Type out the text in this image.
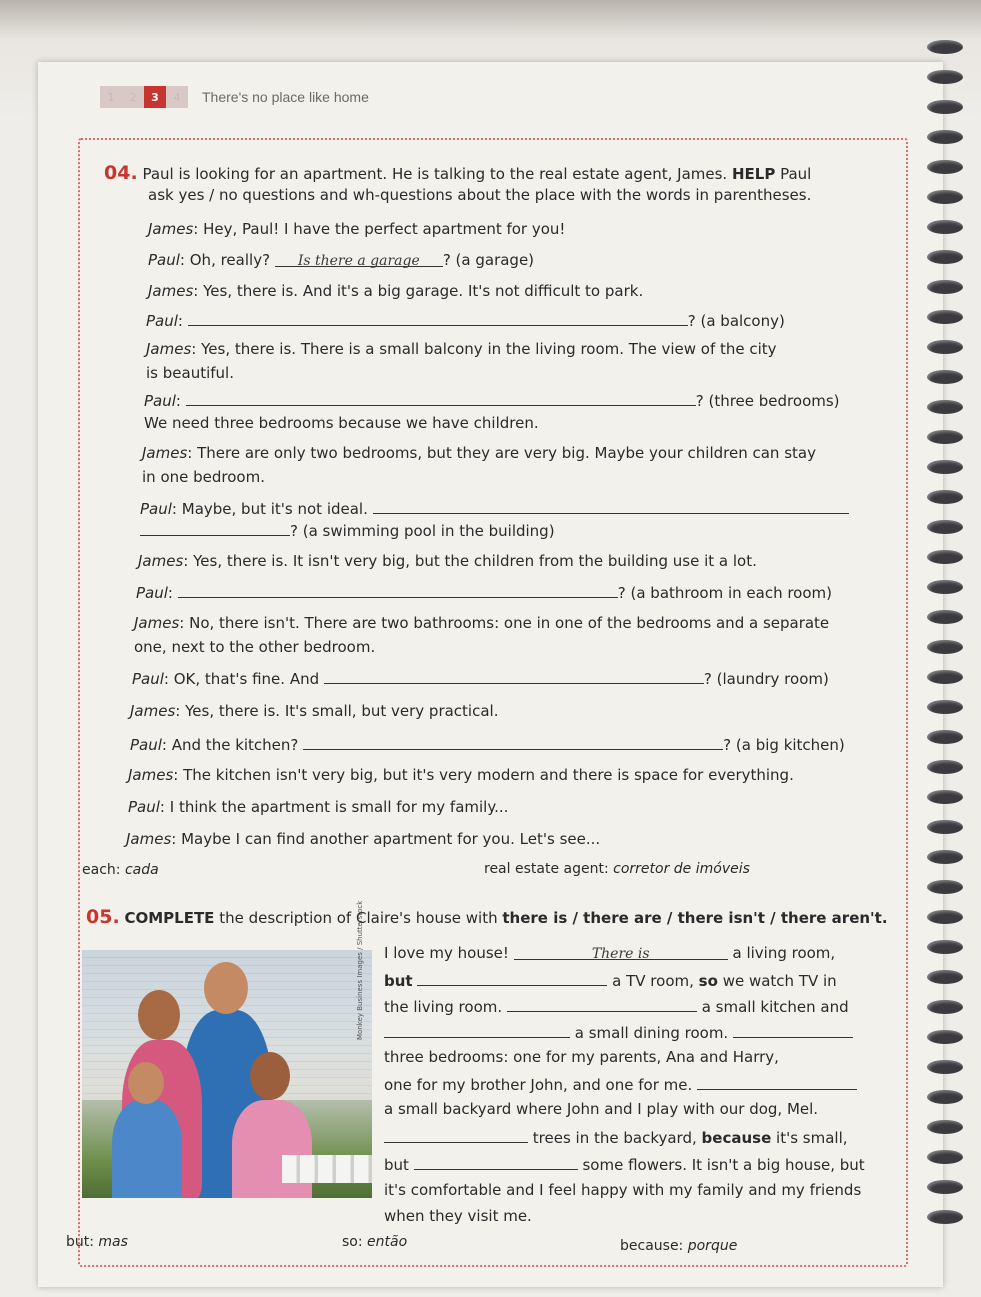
1	2	3	4	There's no place like home
04. Paul is looking for an apartment. He is talking to the real estate agent, James. HELP Paul
ask yes / no questions and wh-questions about the place with the words in parentheses.
James: Hey, Paul! I have the perfect apartment for you!
Paul: Oh, really? Is there a garage ? (a garage)
James: Yes, there is. And it's a big garage. It's not difficult to park.
Paul:	? (a balcony)
James: Yes, there is. There is a small balcony in the living room. The view of the city
is beautiful.
Paul:	? (three bedrooms)
We need three bedrooms because we have children.
James: There are only two bedrooms, but they are very big. Maybe your children can stay
in one bedroom.
Paul: Maybe, but it's not ideal.
? (a swimming pool in the building)
James: Yes, there is. It isn't very big, but the children from the building use it a lot.
Paul:	? (a bathroom in each room)
James: No, there isn't. There are two bathrooms: one in one of the bedrooms and a separate
one, next to the other bedroom.
Paul: OK, that's fine. And	? (laundry room)
James: Yes, there is. It's small, but very practical.
Paul: And the kitchen?	? (a big kitchen)
James: The kitchen isn't very big, but it's very modern and there is space for everything.
Paul: I think the apartment is small for my family...
James: Maybe I can find another apartment for you. Let's see...
each: cada	real estate agent: corretor de imóveis
05. COMPLETE the description of Claire's house with there is / there are / there isn't / there aren't.
Monkey Business Images / Shutterstock I love my house!	There is	a living room,
but	a TV room, so we watch TV in
the living room.	a small kitchen and
a small dining room.
three bedrooms: one for my parents, Ana and Harry,
one for my brother John, and one for me.
a small backyard where John and I play with our dog, Mel.
trees in the backyard, because it's small,
but	some flowers. It isn't a big house, but
it's comfortable and I feel happy with my family and my friends
when they visit me.
but: mas	so: então	because: porque
